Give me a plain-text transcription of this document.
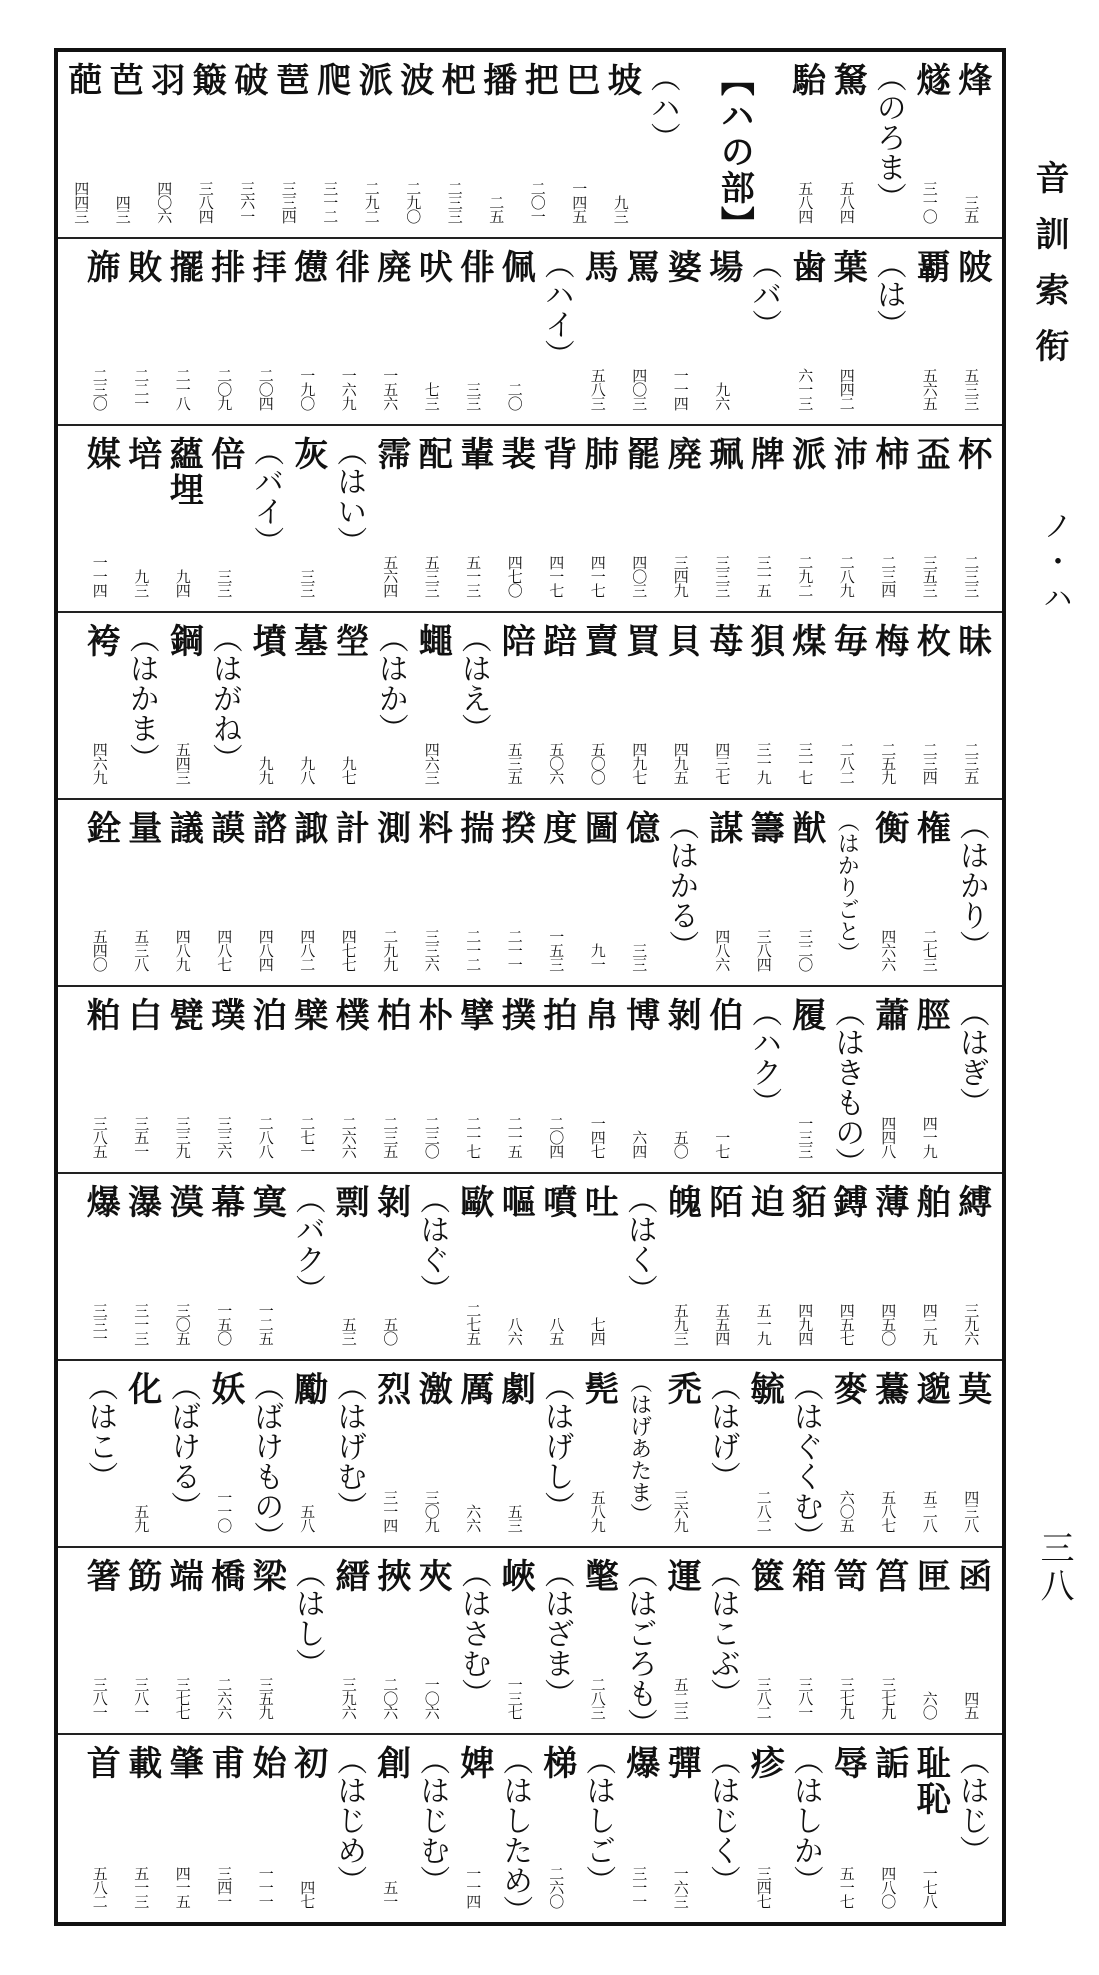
烽
三五
燧
三一〇
（のろま）
駑
五八四
駘
五八四
【ハの部】
（ハ）
坡
九三
巴
一四五
把
二〇一
播
二五
杷
二三三
波
二九〇
派
二九二
爬
三一二
琶
三三四
破
三六一
簸
三八四
羽
四〇六
芭
四三
葩
四四三
陂
五三三
覇
五六五
（は）
葉
四四二
歯
六一三
（バ）
場
九六
婆
一一四
罵
四〇三
馬
五八三
（ハイ）
佩
二〇
俳
三三
吠
七三
廃
一五六
徘
一六九
憊
一九〇
拝
二〇四
排
二〇九
擺
二一八
敗
二二一
旆
二三〇
杯
二三三
盃
三五三
柿
二三四
沛
二八九
派
二九二
牌
三一五
珮
三三三
廃
三四九
罷
四〇三
肺
四一七
背
四一七
裴
四七〇
輩
五一三
配
五三三
霈
五六四
（はい）
灰
三三
（バイ）
倍
三三
蘊埋
九四
培
九三
媒
一一四
昧
二三五
枚
二三四
梅
二五九
毎
二八二
煤
三一七
狽
三一九
苺
四三七
貝
四九五
買
四九七
賣
五〇〇
踣
五〇六
陪
五三五
（はえ）
蠅
四六三
（はか）
塋
九七
墓
九八
墳
九九
（はがね）
鋼
五四三
（はかま）
袴
四六九
（はかり）
権
二七三
衡
四六六
（はかりごと）
猷
三二〇
籌
三八四
謀
四八六
（はかる）
億
三三
圖
九一
度
一五三
揆
二一一
揣
二一二
料
三三六
測
二九九
計
四七七
諏
四八二
諮
四八四
謨
四八七
議
四八九
量
五三八
銓
五四〇
（はぎ）
脛
四一九
蕭
四四八
（はきもの）
履
一三三
（ハク）
伯
一七
剝
五〇
博
六四
帛
一四七
拍
二〇四
撲
二一五
擘
二一七
朴
二三〇
柏
二三五
樸
二六六
檗
二七一
泊
二八八
璞
三三六
甓
三三九
白
三五一
粕
三八五
縛
三九六
舶
四二九
薄
四五〇
鎛
四五七
貊
四九四
迫
五一九
陌
五五四
魄
五九三
（はく）
吐
七四
噴
八五
嘔
八六
歐
二七五
（はぐ）
剝
五〇
剽
五三
（バク）
寞
一二五
幕
一五〇
漠
三〇五
瀑
三一三
爆
三三一
莫
四三八
邈
五二八
驀
五八七
麥
六〇五
（はぐくむ）
毓
二八二
（はげ）
禿
三六九
（はげあたま）
髡
五八九
（はげし）
劇
五三
厲
六六
激
三〇九
烈
三一四
（はげむ）
勵
五八
（ばけもの）
妖
一一〇
（ばける）
化
五九
（はこ）
函
四五
匣
六〇
筥
三七九
笥
三七九
箱
三八一
篋
三八二
（はこぶ）
運
五二三
（はごろも）
氅
二八三
（はざま）
峽
一三七
（はさむ）
夾
一〇六
挾
二〇六
縉
三九六
（はし）
梁
三五九
橋
二六六
端
三七七
筯
三八一
箸
三八一
（はじ）
耻恥
一七八
詬
四八〇
辱
五一七
（はしか）
疹
三四七
（はじく）
彈
一六三
爆
三一一
（はしご）
梯
二六〇
（はしため）
婢
一一四
（はじむ）
創
五一
（はじめ）
初
四七
始
一一一
甫
三四一
肇
四一五
載
五一三
首
五八二
音訓索衔
ノ・ハ
三八
